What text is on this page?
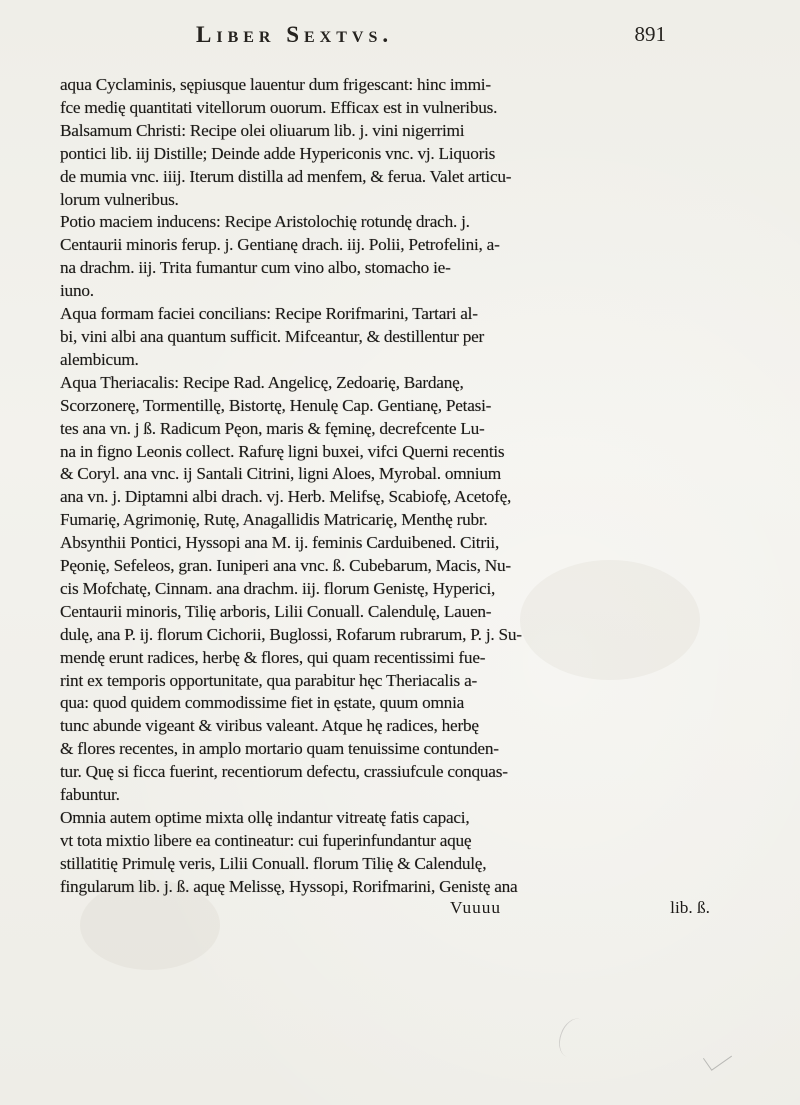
Liber Sextvs.	891
aqua Cyclaminis, sępiusque lauentur dum frigescant: hinc immi-
fce medię quantitati vitellorum ouorum. Efficax est in vulneribus.
Balsamum Christi: Recipe olei oliuarum lib. j. vini nigerrimi
pontici lib. iij Distille; Deinde adde Hypericonis vnc. vj. Liquoris
de mumia vnc. iiij. Iterum distilla ad menfem, & ferua. Valet articu-
lorum vulneribus.
Potio maciem inducens: Recipe Aristolochię rotundę drach. j.
Centaurii minoris ferup. j. Gentianę drach. iij. Polii, Petrofelini, a-
na drachm. iij. Trita fumantur cum vino albo, stomacho ie-
iuno.
Aqua formam faciei concilians: Recipe Rorifmarini, Tartari al-
bi, vini albi ana quantum sufficit. Mifceantur, & destillentur per
alembicum.
Aqua Theriacalis: Recipe Rad. Angelicę, Zedoarię, Bardanę,
Scorzonerę, Tormentillę, Bistortę, Henulę Cap. Gentianę, Petasi-
tes ana vn. j ß. Radicum Pęon, maris & fęminę, decrefcente Lu-
na in figno Leonis collect. Rafurę ligni buxei, vifci Querni recentis
& Coryl. ana vnc. ij Santali Citrini, ligni Aloes, Myrobal. omnium
ana vn. j. Diptamni albi drach. vj. Herb. Melifsę, Scabiofę, Acetofę,
Fumarię, Agrimonię, Rutę, Anagallidis Matricarię, Menthę rubr.
Absynthii Pontici, Hyssopi ana M. ij. feminis Carduibened. Citrii,
Pęonię, Sefeleos, gran. Iuniperi ana vnc. ß. Cubebarum, Macis, Nu-
cis Mofchatę, Cinnam. ana drachm. iij. florum Genistę, Hyperici,
Centaurii minoris, Tilię arboris, Lilii Conuall. Calendulę, Lauen-
dulę, ana P. ij. florum Cichorii, Buglossi, Rofarum rubrarum, P. j. Su-
mendę erunt radices, herbę & flores, qui quam recentissimi fue-
rint ex temporis opportunitate, qua parabitur hęc Theriacalis a-
qua: quod quidem commodissime fiet in ęstate, quum omnia
tunc abunde vigeant & viribus valeant. Atque hę radices, herbę
& flores recentes, in amplo mortario quam tenuissime contunden-
tur. Quę si ficca fuerint, recentiorum defectu, crassiufcule conquas-
fabuntur.
Omnia autem optime mixta ollę indantur vitreatę fatis capaci,
vt tota mixtio libere ea contineatur: cui fuperinfundantur aquę
stillatitię Primulę veris, Lilii Conuall. florum Tilię & Calendulę,
fingularum lib. j. ß. aquę Melissę, Hyssopi, Rorifmarini, Genistę ana
Vuuuu	lib. ß.
